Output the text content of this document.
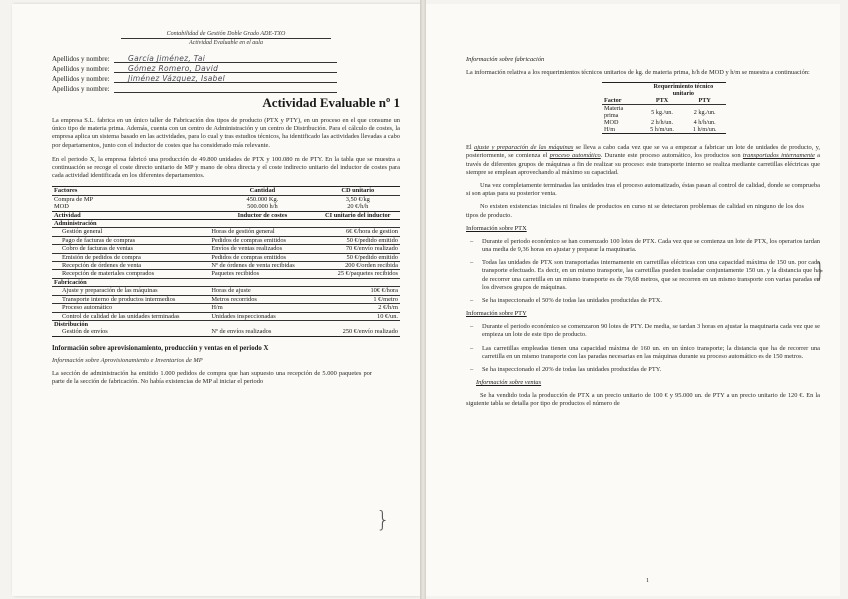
Contabilidad de Gestión Doble Grado ADE-TXO
Actividad Evaluable en el aula
Apellidos y nombre:	García Jiménez, Tai
Apellidos y nombre:	Gómez Romero, David
Apellidos y nombre:	Jiménez Vázquez, Isabel
Apellidos y nombre:
Actividad Evaluable nº 1

La empresa S.L. fabrica en un único taller de Fabricación dos tipos de producto (PTX y PTY), en un proceso en el que consume un único tipo de materia prima. Además, cuenta con un centro de Administración y un centro de Distribución. Para el cálculo de costes, la empresa aplica un sistema basado en las actividades, para lo cual y tras estudios técnicos, ha identificado las actividades llevadas a cabo por departamentos, junto con el inductor de costes que ha considerado más relevante.

En el periodo X, la empresa fabricó una producción de 49.800 unidades de PTX y 100.080 m de PTY. En la tabla que se muestra a continuación se recoge el coste directo unitario de MP y mano de obra directa y el coste indirecto unitario del inductor de costes para cada actividad identificada en los diferentes departamentos.

Factores	Cantidad	CD unitario
Compra de MP	450.000 Kg.	3,50 €/kg
MOD	500.000 h/h	20 €/h/h
Actividad	Inductor de costes	CI unitario del inductor
Administración		
Gestión general	Horas de gestión general	6€ €/hora de gestion
Pago de facturas de compras	Pedidos de compras emitidos	50 €/pedido emitido
Cobro de facturas de ventas	Envíos de ventas realizados	70 €/envío realizado
Emisión de pedidos de compra	Pedidos de compras emitidos	50 €/pedido emitido
Recepción de órdenes de venta	Nº de órdenes de venta recibidas	200 €/orden recibida
Recepción de materiales comprados	Paquetes recibidos	25 €/paquetes recibidos
Fabricación		
Ajuste y preparación de las máquinas	Horas de ajuste	10€ €/hora
Transporte interno de productos intermedios	Metros recorridos	1 €/metro
Proceso automático	H/m	2 €/h/m
Control de calidad de las unidades terminadas	Unidades inspeccionadas	10 €/un.
Distribución		
Gestión de envíos	Nº de envíos realizados	250 €/envío realizado
Información sobre aprovisionamiento, producción y ventas en el periodo X
Información sobre Aprovisionamiento e Inventarios de MP

La sección de administración ha emitido 1.000 pedidos de compra que han supuesto una recepción de 5.000 paquetes por parte de la sección de fabricación. No había existencias de MP al iniciar el periodo

}
Información sobre fabricación

La información relativa a los requerimientos técnicos unitarios de kg. de materia prima, h/h de MOD y h/m se muestra a continuación:

	Requerimiento técnico unitario	
Factor	PTX	PTY
Materia prima	5 kg./un.	2 kg./un.
MOD	2 h/h/un.	4 h/h/un.
H/m	5 h/m/un.	1 h/m/un.

El ajuste y preparación de las máquinas se lleva a cabo cada vez que se va a empezar a fabricar un lote de unidades de producto, y, posteriormente, se comienza el proceso automático. Durante este proceso automático, los productos son transportados internamente a través de diferentes grupos de máquinas a fin de realizar su proceso: este transporte interno se realiza mediante carretillas eléctricas que siempre se emplean aprovechando al máximo su capacidad.

Una vez completamente terminadas las unidades tras el proceso automatizado, éstas pasan al control de calidad, donde se comprueba si son aptas para su posterior venta.

No existen existencias iniciales ni finales de productos en curso ni se detectaron problemas de calidad en ninguno de los dos tipos de producto.

}
Información sobre PTX
– Durante el periodo económico se han comenzado 100 lotes de PTX. Cada vez que se comienza un lote de PTX, los operarios tardan una media de 9,36 horas en ajustar y preparar la maquinaria.
– Todas las unidades de PTX son transportadas internamente en carretillas eléctricas con una capacidad máxima de 150 un. por cada transporte efectuado. Es decir, en un mismo transporte, las carretillas pueden trasladar conjuntamente 150 un. y la distancia que ha de recorrer una carretilla en un mismo transporte es de 79,68 metros, que se recorren en un mismo transporte con varias paradas en los diversos grupos de máquinas.
– Se ha inspeccionado el 50% de todas las unidades producidas de PTX.
Información sobre PTY
– Durante el periodo económico se comenzaron 90 lotes de PTY. De media, se tardan 3 horas en ajustar la maquinaria cada vez que se empieza un lote de este tipo de producto.
– Las carretillas empleadas tienen una capacidad máxima de 160 un. en un único transporte; la distancia que ha de recorrer una carretilla en un mismo transporte con las paradas necesarias en las máquinas durante su proceso automático es de 150 metros.
– Se ha inspeccionado el 20% de todas las unidades producidas de PTY.
Información sobre ventas

Se ha vendido toda la producción de PTX a un precio unitario de 100 € y 95.000 un. de PTY a un precio unitario de 120 €. En la siguiente tabla se detalla por tipo de productos el número de

1
